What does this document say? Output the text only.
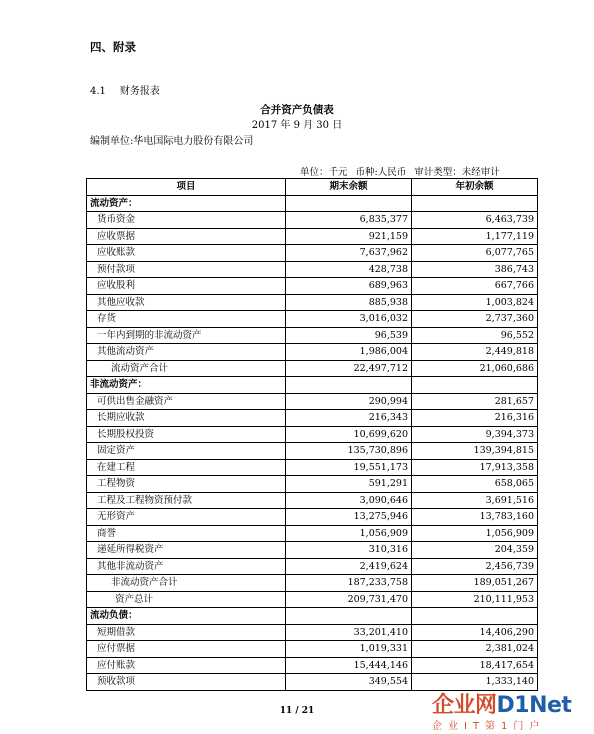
四、附录
4.1 财务报表
合并资产负债表
2017 年 9 月 30 日
编制单位:华电国际电力股份有限公司
单位：千元 币种:人民币 审计类型：未经审计
项目	期末余额	年初余额
流动资产：		
货币资金	6,835,377	6,463,739
应收票据	921,159	1,177,119
应收账款	7,637,962	6,077,765
预付款项	428,738	386,743
应收股利	689,963	667,766
其他应收款	885,938	1,003,824
存货	3,016,032	2,737,360
一年内到期的非流动资产	96,539	96,552
其他流动资产	1,986,004	2,449,818
流动资产合计	22,497,712	21,060,686
非流动资产：		
可供出售金融资产	290,994	281,657
长期应收款	216,343	216,316
长期股权投资	10,699,620	9,394,373
固定资产	135,730,896	139,394,815
在建工程	19,551,173	17,913,358
工程物资	591,291	658,065
工程及工程物资预付款	3,090,646	3,691,516
无形资产	13,275,946	13,783,160
商誉	1,056,909	1,056,909
递延所得税资产	310,316	204,359
其他非流动资产	2,419,624	2,456,739
非流动资产合计	187,233,758	189,051,267
资产总计	209,731,470	210,111,953
流动负债：		
短期借款	33,201,410	14,406,290
应付票据	1,019,331	2,381,024
应付账款	15,444,146	18,417,654
预收款项	349,554	1,333,140
11 / 21	企业网D1Net
企业IT第1门户
